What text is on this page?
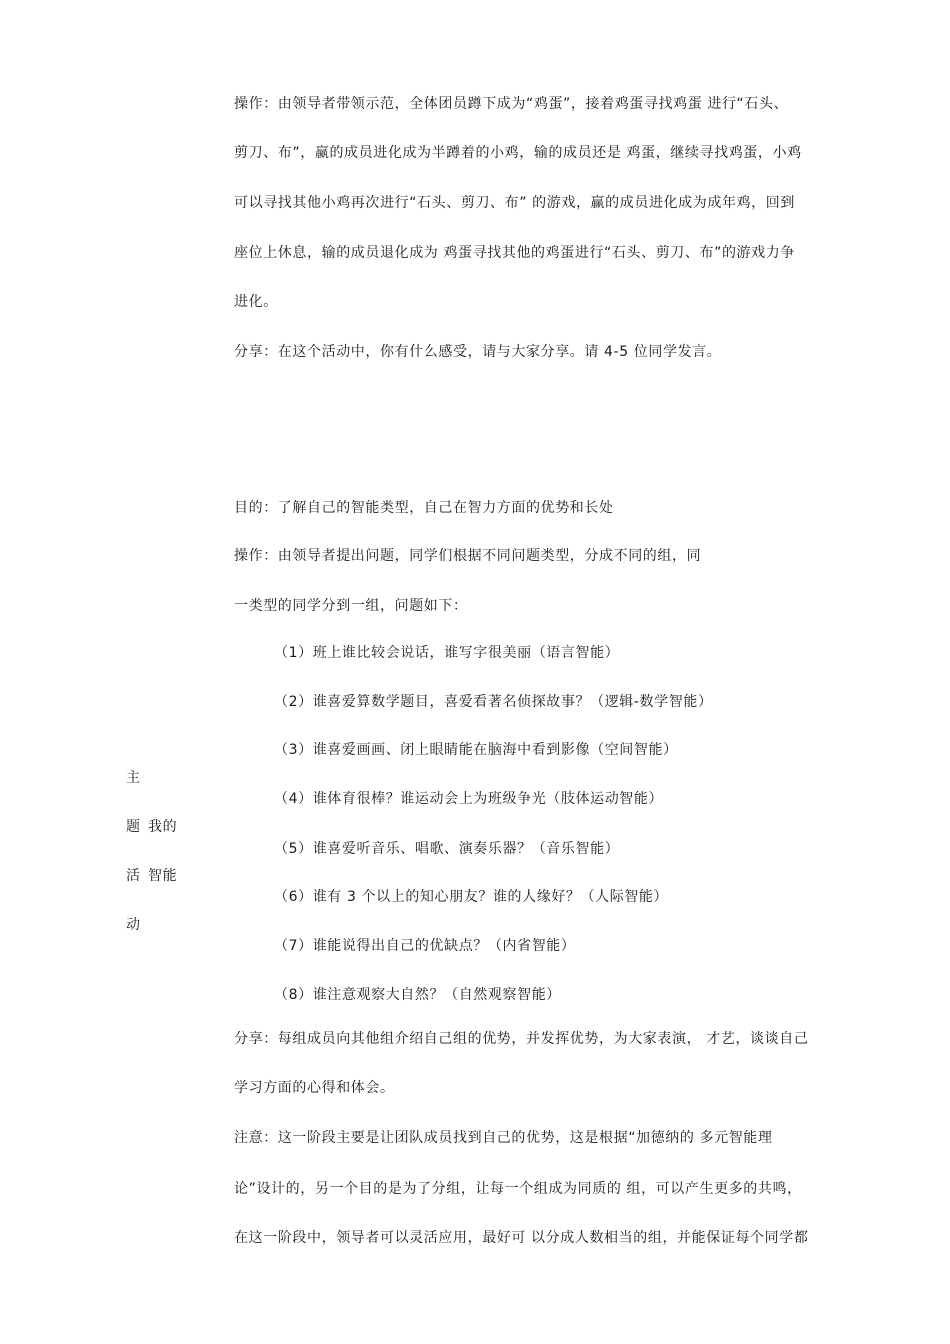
操作：由领导者带领示范，全体团员蹲下成为“鸡蛋”，接着鸡蛋寻找鸡蛋 进行“石头、
剪刀、布”，赢的成员进化成为半蹲着的小鸡，输的成员还是 鸡蛋，继续寻找鸡蛋，小鸡
可以寻找其他小鸡再次进行“石头、剪刀、布” 的游戏，赢的成员进化成为成年鸡，回到
座位上休息，输的成员退化成为 鸡蛋寻找其他的鸡蛋进行“石头、剪刀、布”的游戏力争
进化。
分享：在这个活动中，你有什么感受，请与大家分享。请 4-5 位同学发言。
目的：了解自己的智能类型，自己在智力方面的优势和长处
操作：由领导者提出问题，同学们根据不同问题类型，分成不同的组，同
一类型的同学分到一组，问题如下：
（1）班上谁比较会说话，谁写字很美丽（语言智能）
（2）谁喜爱算数学题目，喜爱看著名侦探故事？（逻辑-数学智能）
（3）谁喜爱画画、闭上眼睛能在脑海中看到影像（空间智能）
（4）谁体育很棒？谁运动会上为班级争光（肢体运动智能）
（5）谁喜爱听音乐、唱歌、演奏乐器？（音乐智能）
（6）谁有 3 个以上的知心朋友？谁的人缘好？（人际智能）
（7）谁能说得出自己的优缺点？（内省智能）
（8）谁注意观察大自然？（自然观察智能）
分享：每组成员向其他组介绍自己组的优势，并发挥优势，为大家表演， 才艺，谈谈自己
学习方面的心得和体会。
注意：这一阶段主要是让团队成员找到自己的优势，这是根据“加德纳的 多元智能理
论”设计的，另一个目的是为了分组，让每一个组成为同质的 组，可以产生更多的共鸣，
在这一阶段中，领导者可以灵活应用，最好可 以分成人数相当的组，并能保证每个同学都
主
题 我的
活 智能
动
